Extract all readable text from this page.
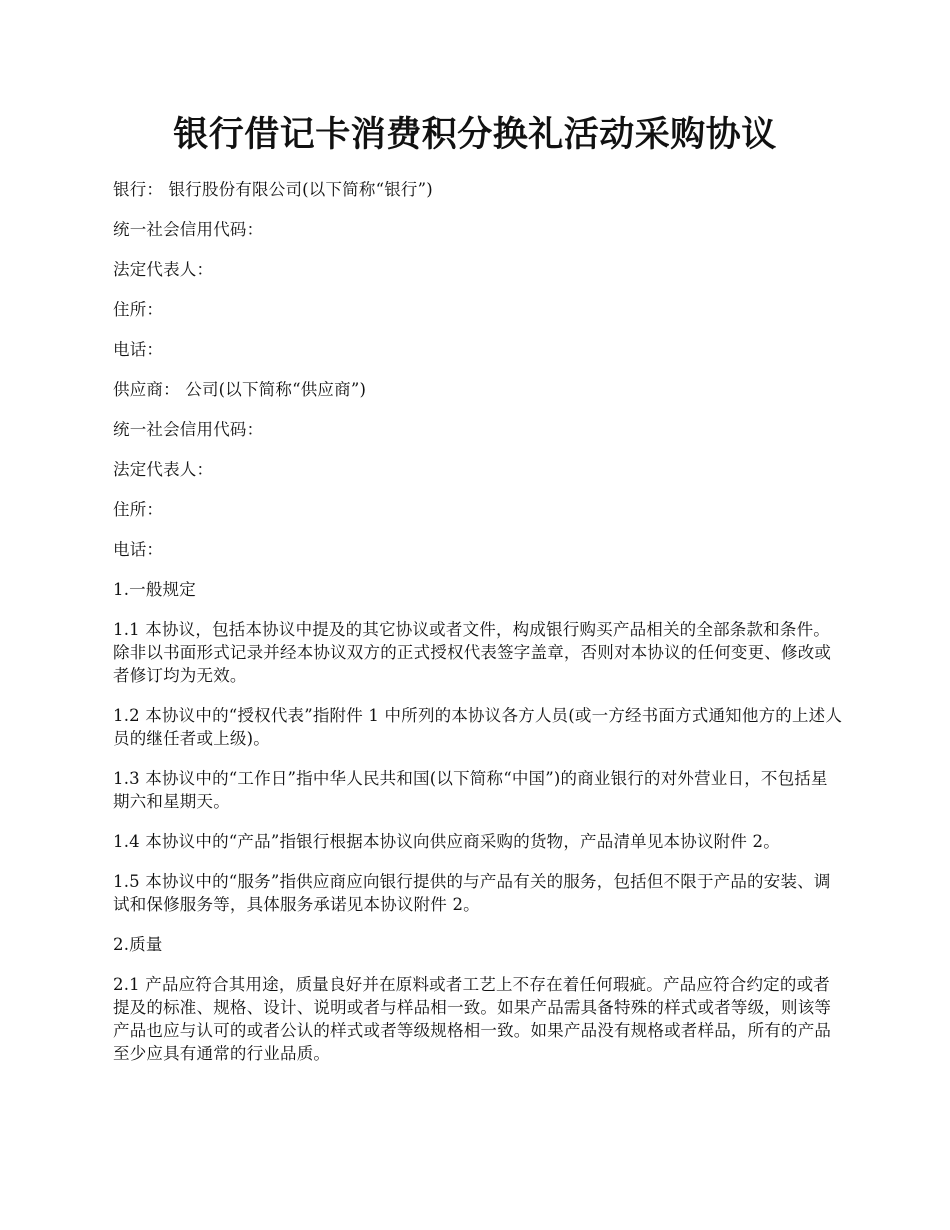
银行借记卡消费积分换礼活动采购协议

银行： 银行股份有限公司(以下简称“银行”)

统一社会信用代码：

法定代表人：

住所：

电话：

供应商： 公司(以下简称“供应商”)

统一社会信用代码：

法定代表人：

住所：

电话：

1.一般规定

1.1 本协议，包括本协议中提及的其它协议或者文件，构成银行购买产品相关的全部条款和条件。除非以书面形式记录并经本协议双方的正式授权代表签字盖章，否则对本协议的任何变更、修改或者修订均为无效。

1.2 本协议中的“授权代表”指附件 1 中所列的本协议各方人员(或一方经书面方式通知他方的上述人员的继任者或上级)。

1.3 本协议中的“工作日”指中华人民共和国(以下简称“中国”)的商业银行的对外营业日，不包括星期六和星期天。

1.4 本协议中的“产品”指银行根据本协议向供应商采购的货物，产品清单见本协议附件 2。

1.5 本协议中的“服务”指供应商应向银行提供的与产品有关的服务，包括但不限于产品的安装、调试和保修服务等，具体服务承诺见本协议附件 2。

2.质量

2.1 产品应符合其用途，质量良好并在原料或者工艺上不存在着任何瑕疵。产品应符合约定的或者提及的标准、规格、设计、说明或者与样品相一致。如果产品需具备特殊的样式或者等级，则该等产品也应与认可的或者公认的样式或者等级规格相一致。如果产品没有规格或者样品，所有的产品至少应具有通常的行业品质。
